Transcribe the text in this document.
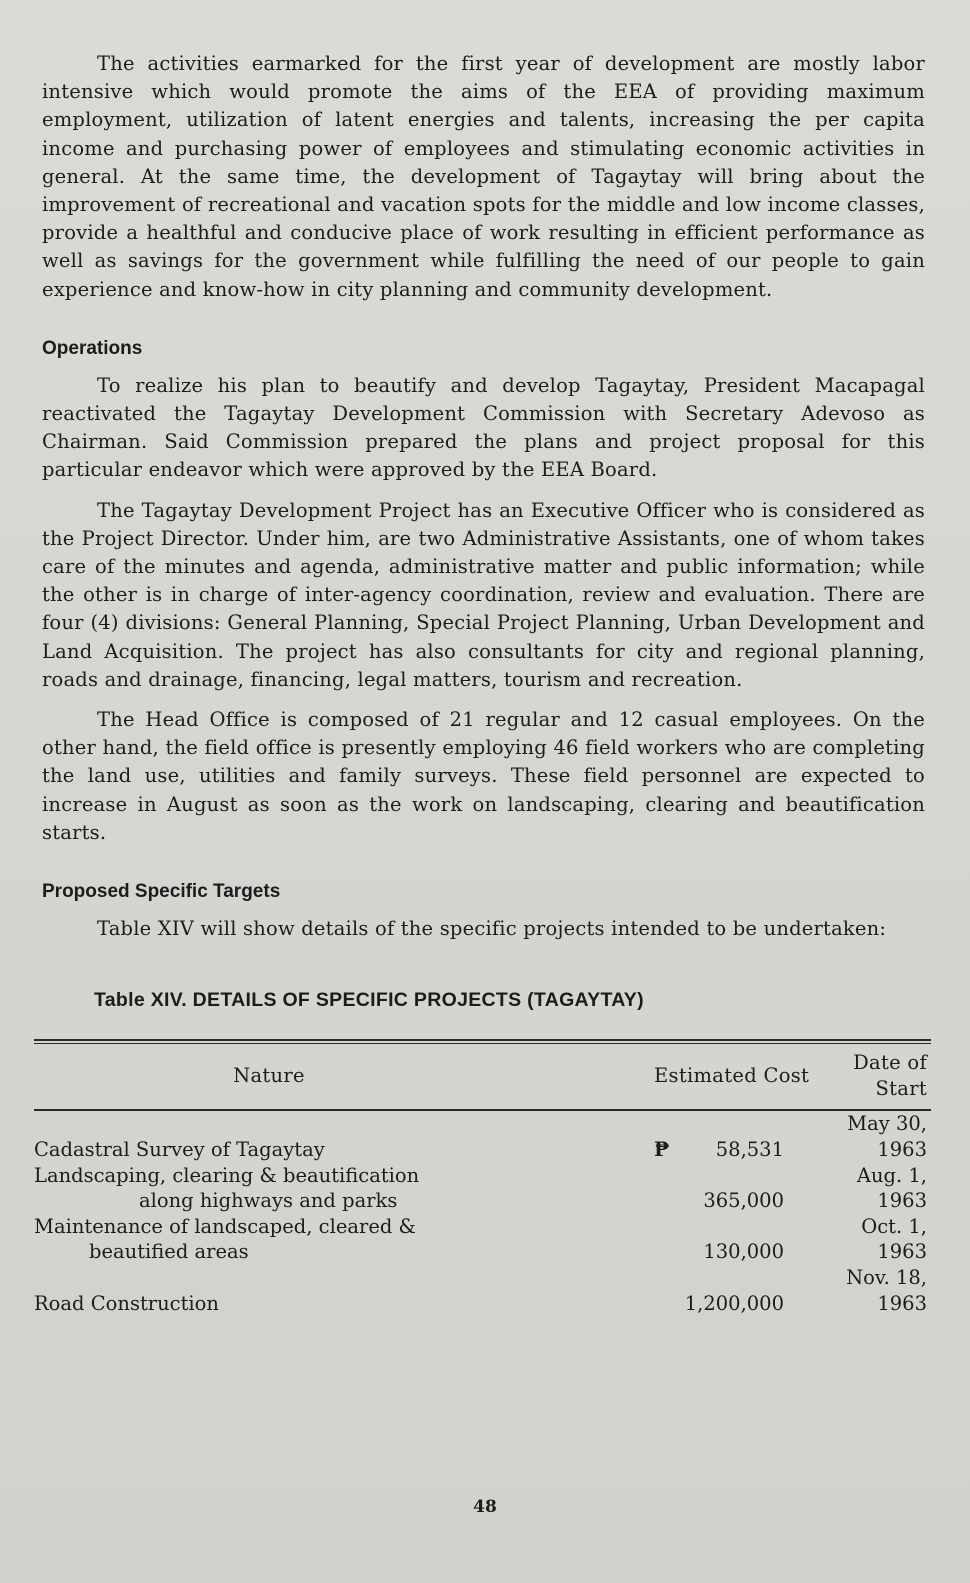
The activities earmarked for the first year of development are mostly labor intensive which would promote the aims of the EEA of providing maximum employment, utilization of latent energies and talents, increasing the per capita income and purchasing power of employees and stimulating economic activities in general. At the same time, the development of Tagaytay will bring about the improvement of recreational and vacation spots for the middle and low income classes, provide a healthful and conducive place of work resulting in efficient performance as well as savings for the government while fulfilling the need of our people to gain experience and know-how in city planning and community development.

Operations

To realize his plan to beautify and develop Tagaytay, President Macapagal reactivated the Tagaytay Development Commission with Secretary Adevoso as Chairman. Said Commission prepared the plans and project proposal for this particular endeavor which were approved by the EEA Board.

The Tagaytay Development Project has an Executive Officer who is considered as the Project Director. Under him, are two Administrative Assistants, one of whom takes care of the minutes and agenda, administrative matter and public information; while the other is in charge of inter-agency coordination, review and evaluation. There are four (4) divisions: General Planning, Special Project Planning, Urban Development and Land Acquisition. The project has also consultants for city and regional planning, roads and drainage, financing, legal matters, tourism and recreation.

The Head Office is composed of 21 regular and 12 casual employees. On the other hand, the field office is presently employing 46 field workers who are completing the land use, utilities and family surveys. These field personnel are expected to increase in August as soon as the work on landscaping, clearing and beautification starts.

Proposed Specific Targets

Table XIV will show details of the specific projects intended to be undertaken:

Table XIV. DETAILS OF SPECIFIC PROJECTS (TAGAYTAY)
Nature	Estimated Cost	Date of Start

Cadastral Survey of Tagaytay	₱ 58,531	May 30, 1963

Landscaping, clearing & beautification
along highways and parks	365,000	Aug. 1, 1963

Maintenance of landscaped, cleared &
beautified areas	130,000	Oct. 1, 1963

Road Construction	1,200,000	Nov. 18, 1963
48
